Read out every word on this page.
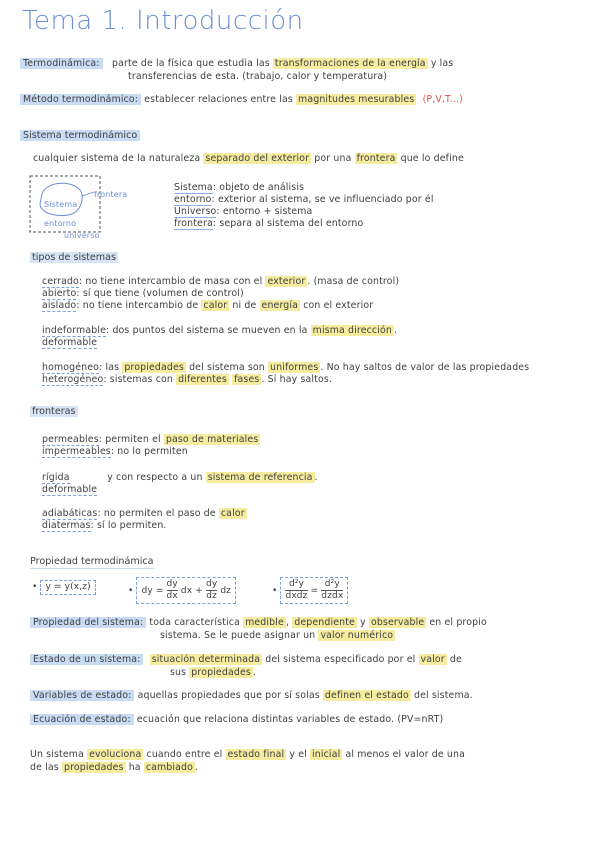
Tema 1. Introducción
Termodinámica: parte de la física que estudia las transformaciones de la energía y las
transferencias de esta. (trabajo, calor y temperatura)
Método termodinámico: establecer relaciones entre las magnitudes mesurables (P,V,T...)
Sistema termodinámico
cualquier sistema de la naturaleza separado del exterior por una frontera que lo define
Sistema
frontera
entorno
universo
Sistema: objeto de análisis
entorno: exterior al sistema, se ve influenciado por él
Universo: entorno + sistema
frontera: separa al sistema del entorno
tipos de sistemas
cerrado: no tiene intercambio de masa con el exterior . (masa de control)
abierto: sí que tiene (volumen de control)
aislado: no tiene intercambio de calor ni de energía con el exterior
indeformable: dos puntos del sistema se mueven en la misma dirección .
deformable
homogéneo: las propiedades del sistema son uniformes . No hay saltos de valor de las propiedades
heterogéneo: sistemas con diferentes fases . Sí hay saltos.
fronteras
permeables: permiten el paso de materiales
impermeables: no lo permiten
rígida	y con respecto a un sistema de referencia .
deformable
adiabáticas: no permiten el paso de calor
diatermas: sí lo permiten.
Propiedad termodinámica
• y = y(x,z)
•	dy = $\frac{dy}{dx}$ dx + $\frac{dy}{dz}$ dz
•	$\frac{\text{d²y}}{\text{dxdz}} = \frac{\text{d²y}}{\text{dzdx}}$
Propiedad del sistema: toda característica medible , dependiente y observable en el propio
sistema. Se le puede asignar un valor numérico
Estado de un sistema: situación determinada del sistema especificado por el valor de
sus propiedades .
Variables de estado: aquellas propiedades que por sí solas definen el estado del sistema.
Ecuación de estado: ecuación que relaciona distintas variables de estado. (PV=nRT)
Un sistema evoluciona cuando entre el estado final y el inicial al menos el valor de una
de las propiedades ha cambiado .
